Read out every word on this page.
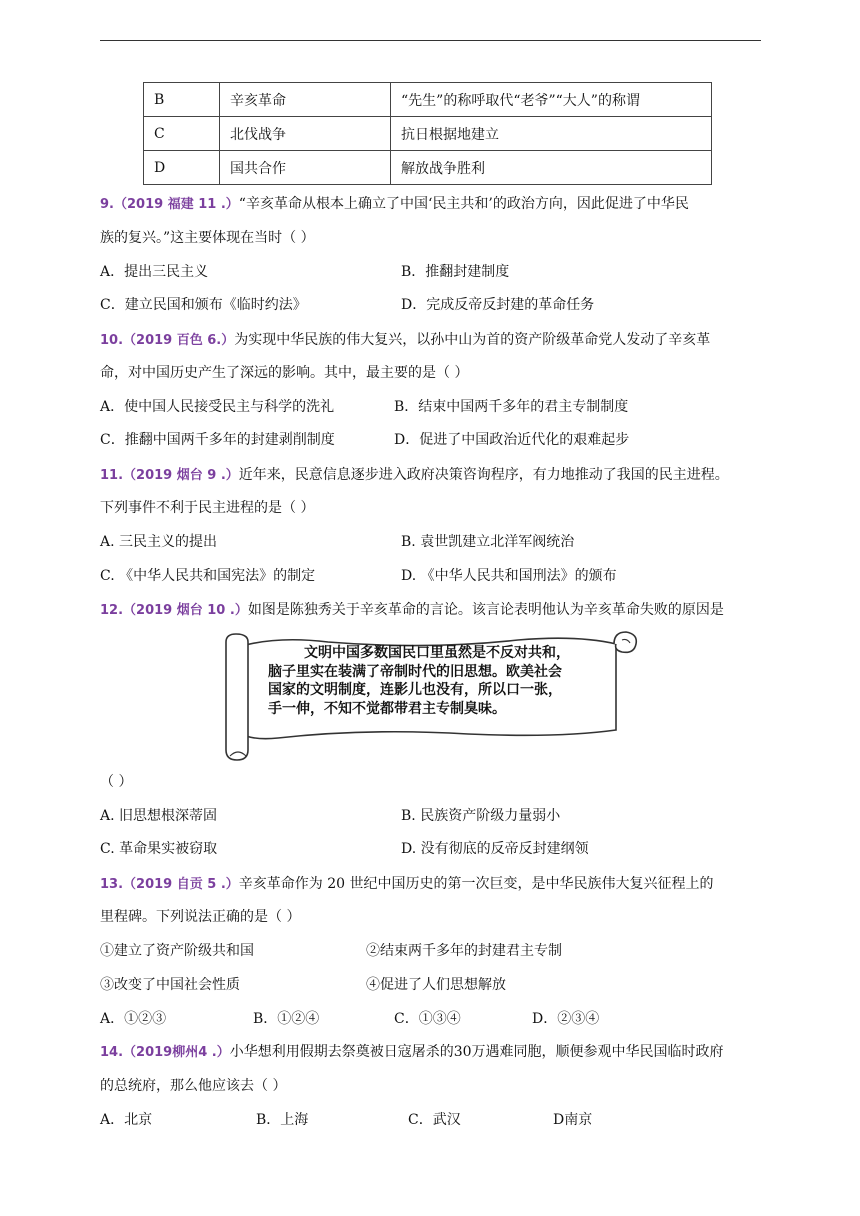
B	辛亥革命	“先生”的称呼取代“老爷”“大人”的称谓
C	北伐战争	抗日根据地建立
D	国共合作	解放战争胜利
9.（2019 福建 11 .）“辛亥革命从根本上确立了中国‘民主共和’的政治方向，因此促进了中华民
族的复兴。”这主要体现在当时（ ）
A．提出三民主义	B．推翻封建制度
C．建立民国和颁布《临时约法》	D．完成反帝反封建的革命任务
10.（2019 百色 6.）为实现中华民族的伟大复兴，以孙中山为首的资产阶级革命党人发动了辛亥革
命，对中国历史产生了深远的影响。其中，最主要的是（ ）
A．使中国人民接受民主与科学的洗礼	B．结束中国两千多年的君主专制制度
C．推翻中国两千多年的封建剥削制度	D．促进了中国政治近代化的艰难起步
11.（2019 烟台 9 .）近年来，民意信息逐步进入政府决策咨询程序，有力地推动了我国的民主进程。
下列事件不利于民主进程的是（ ）
A. 三民主义的提出	B. 袁世凯建立北洋军阀统治
C. 《中华人民共和国宪法》的制定	D. 《中华人民共和国刑法》的颁布
12.（2019 烟台 10 .）如图是陈独秀关于辛亥革命的言论。该言论表明他认为辛亥革命失败的原因是
文明中国多数国民口里虽然是不反对共和，
脑子里实在装满了帝制时代的旧思想。欧美社会
国家的文明制度，连影儿也没有，所以口一张，
手一伸，不知不觉都带君主专制臭味。
（ ）
A. 旧思想根深蒂固	B. 民族资产阶级力量弱小
C. 革命果实被窃取	D. 没有彻底的反帝反封建纲领
13.（2019 自贡 5 .）辛亥革命作为 20 世纪中国历史的第一次巨变，是中华民族伟大复兴征程上的
里程碑。下列说法正确的是（ ）
①建立了资产阶级共和国	②结束两千多年的封建君主专制
③改变了中国社会性质	④促进了人们思想解放
A．①②③	B．①②④	C．①③④	D．②③④
14.（2019柳州4 .）小华想利用假期去祭奠被日寇屠杀的30万遇难同胞，顺便参观中华民国临时政府
的总统府，那么他应该去（ ）
A．北京	B．上海	C．武汉	D南京
